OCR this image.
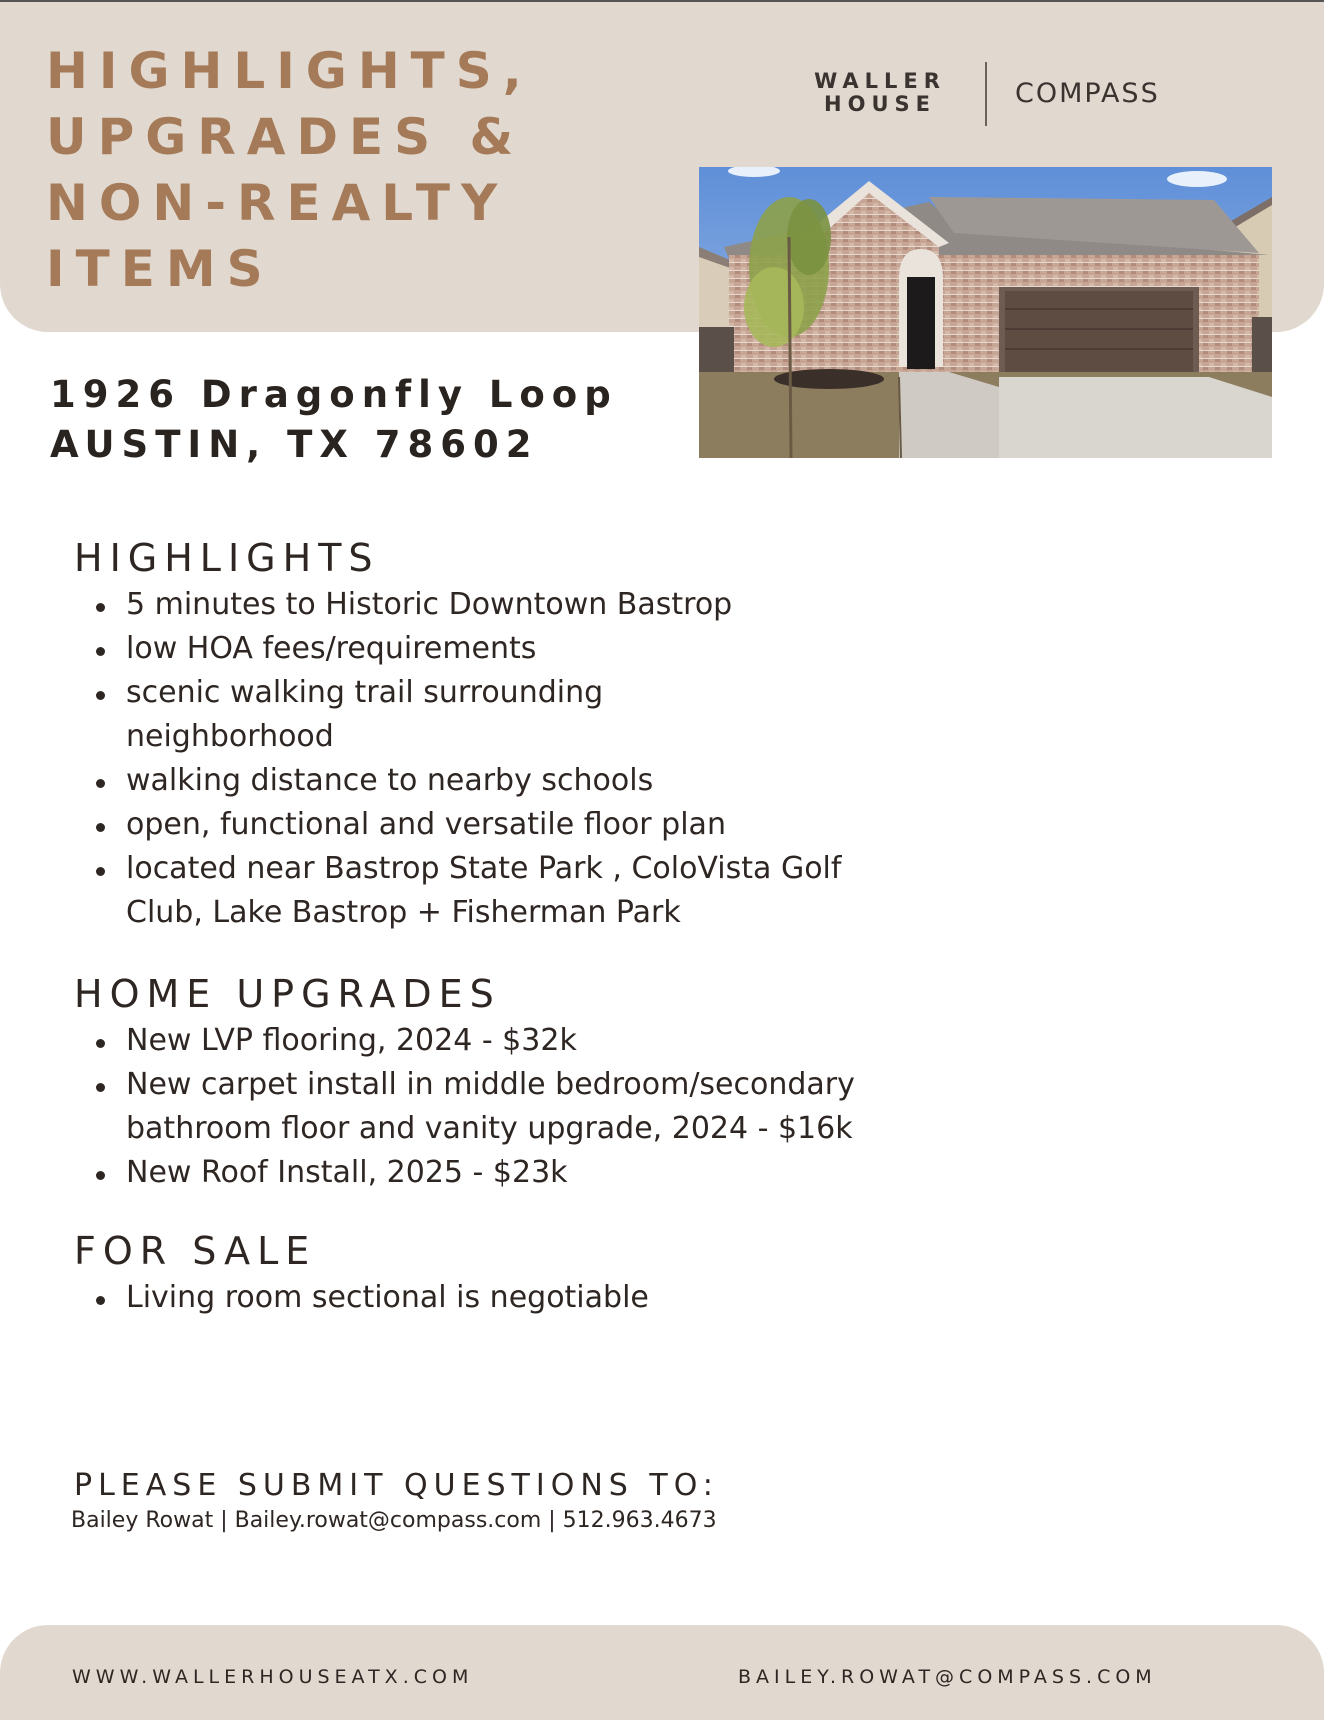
HIGHLIGHTS,
UPGRADES &
NON-REALTY
ITEMS
WALLER
HOUSE	COMPASS
1926 Dragonfly Loop
AUSTIN, TX 78602
HIGHLIGHTS
5 minutes to Historic Downtown Bastrop
low HOA fees/requirements
scenic walking trail surrounding neighborhood
walking distance to nearby schools
open, functional and versatile floor plan
located near Bastrop State Park , ColoVista Golf Club, Lake Bastrop + Fisherman Park
HOME UPGRADES
New LVP flooring, 2024 - $32k
New carpet install in middle bedroom/secondary bathroom floor and vanity upgrade, 2024 - $16k
New Roof Install, 2025 - $23k
FOR SALE
Living room sectional is negotiable
PLEASE SUBMIT QUESTIONS TO:
Bailey Rowat | Bailey.rowat@compass.com | 512.963.4673
WWW.WALLERHOUSEATX.COM	BAILEY.ROWAT@COMPASS.COM
